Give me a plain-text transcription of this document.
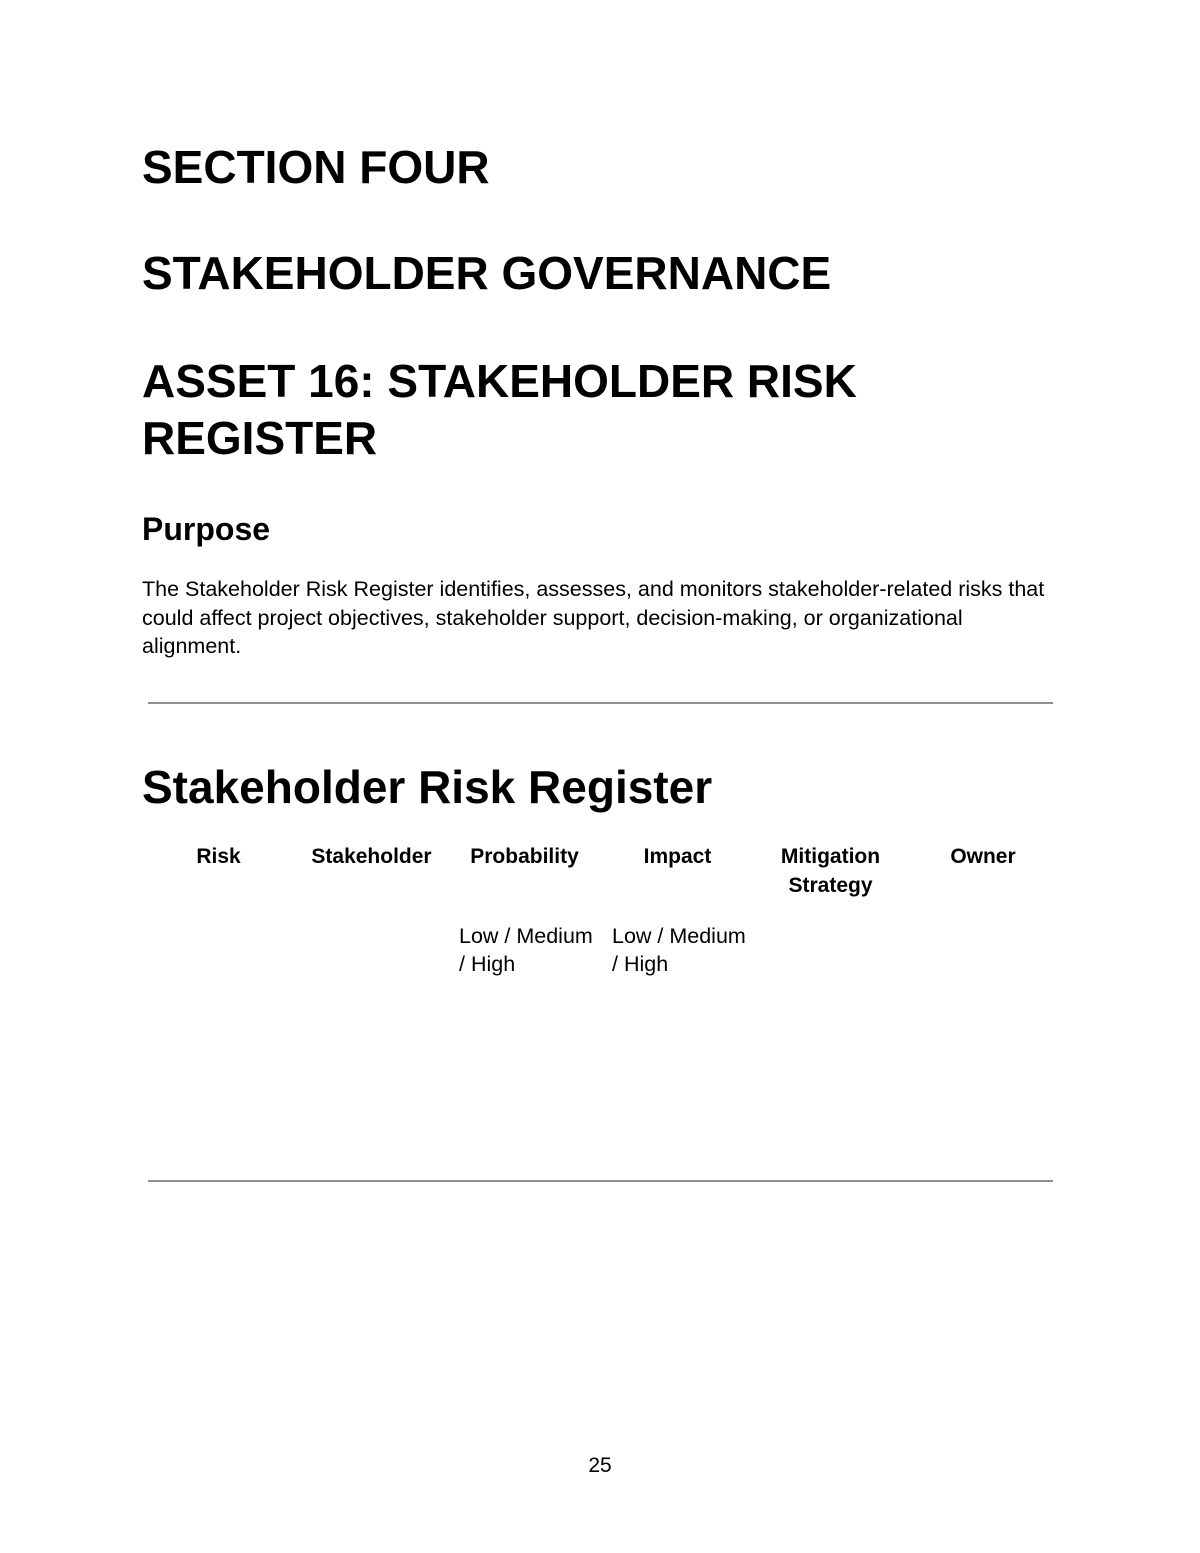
SECTION FOUR
STAKEHOLDER GOVERNANCE
ASSET 16: STAKEHOLDER RISK REGISTER
Purpose

The Stakeholder Risk Register identifies, assesses, and monitors stakeholder-related risks that could affect project objectives, stakeholder support, decision-making, or organizational alignment.

Stakeholder Risk Register
Risk	Stakeholder	Probability	Impact	Mitigation Strategy	Owner
		Low / Medium / High	Low / Medium / High		
25
